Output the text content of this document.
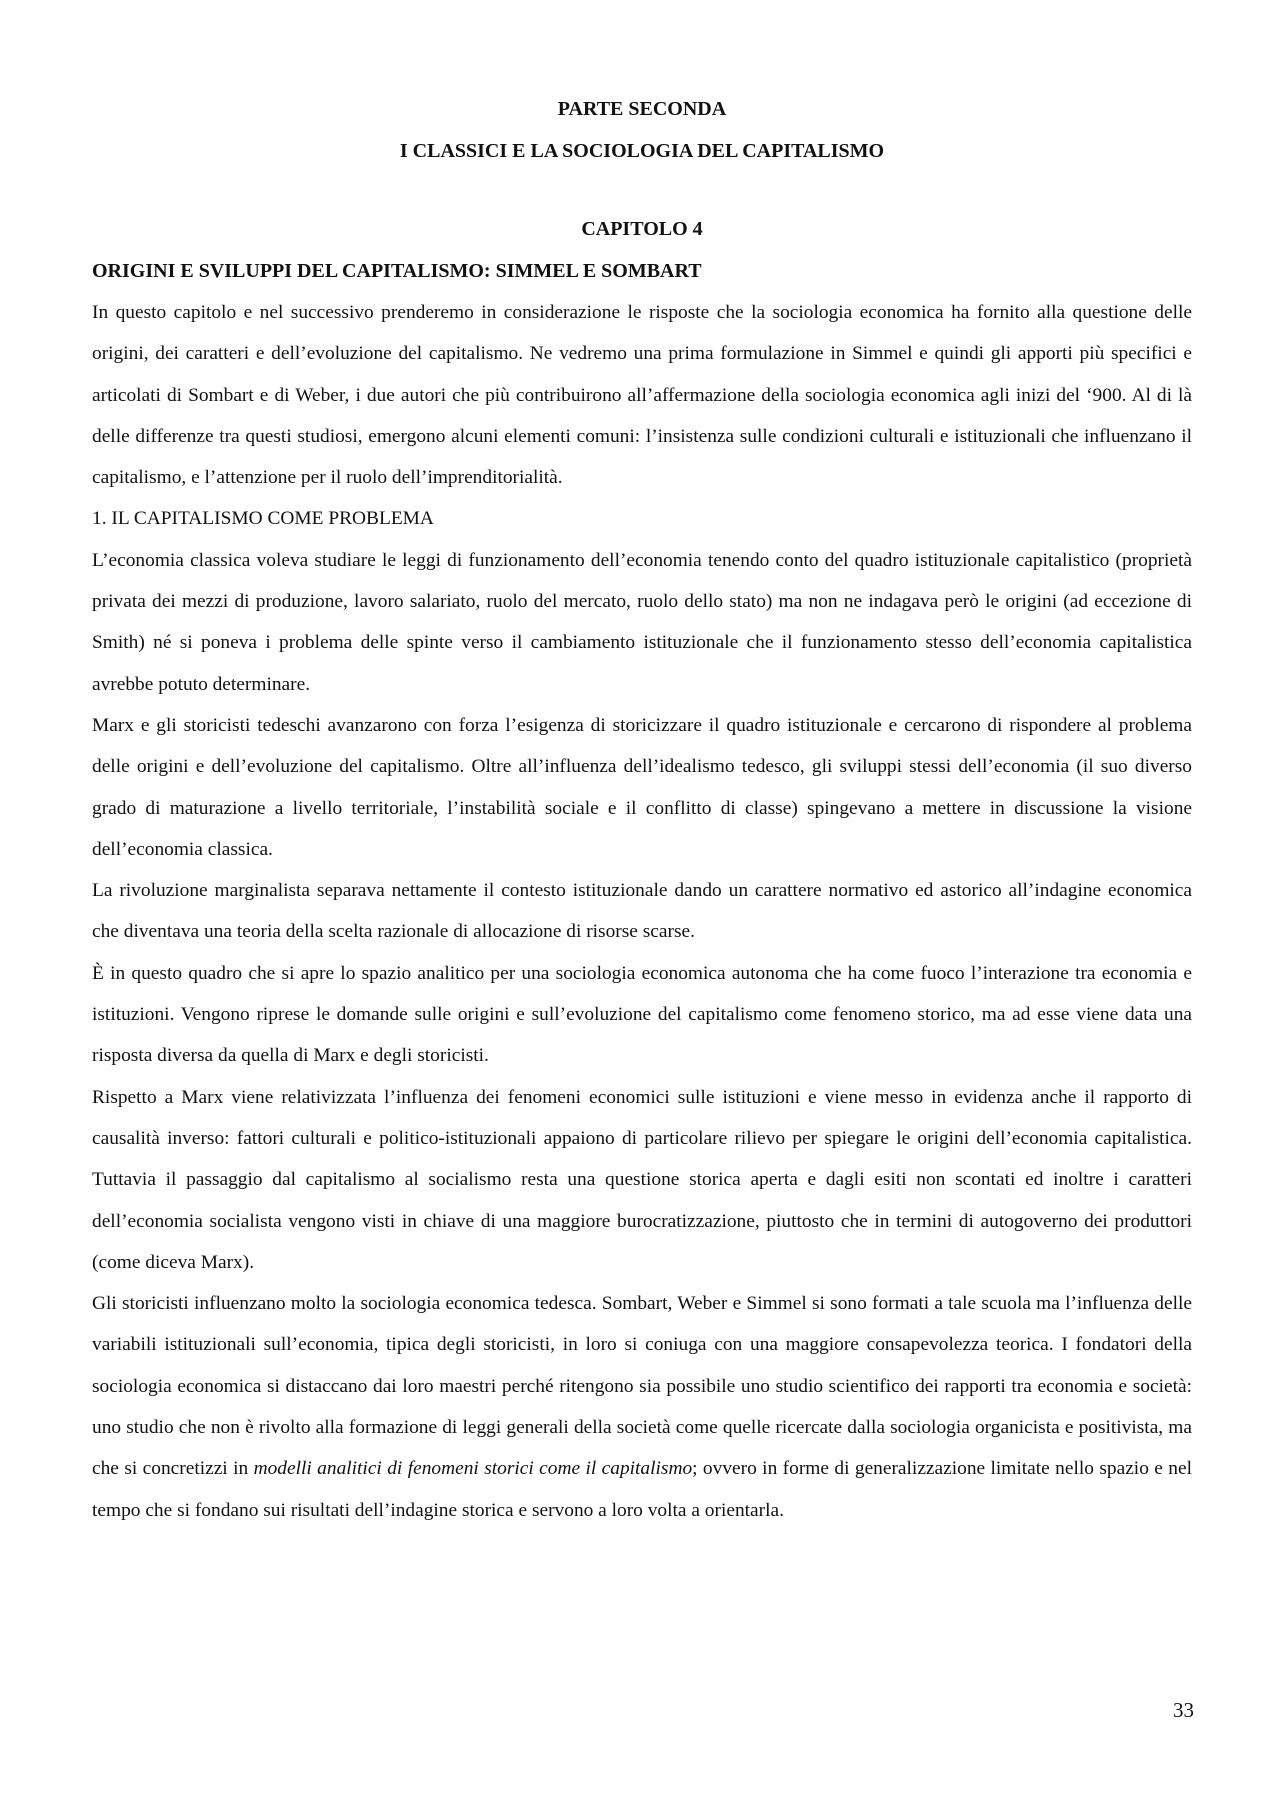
PARTE SECONDA
I CLASSICI E LA SOCIOLOGIA DEL CAPITALISMO
CAPITOLO 4
ORIGINI E SVILUPPI DEL CAPITALISMO: SIMMEL E SOMBART

In questo capitolo e nel successivo prenderemo in considerazione le risposte che la sociologia economica ha fornito alla questione delle origini, dei caratteri e dell’evoluzione del capitalismo. Ne vedremo una prima formulazione in Simmel e quindi gli apporti più specifici e articolati di Sombart e di Weber, i due autori che più contribuirono all’affermazione della sociologia economica agli inizi del ‘900. Al di là delle differenze tra questi studiosi, emergono alcuni elementi comuni: l’insistenza sulle condizioni culturali e istituzionali che influenzano il capitalismo, e l’attenzione per il ruolo dell’imprenditorialità.

1. IL CAPITALISMO COME PROBLEMA

L’economia classica voleva studiare le leggi di funzionamento dell’economia tenendo conto del quadro istituzionale capitalistico (proprietà privata dei mezzi di produzione, lavoro salariato, ruolo del mercato, ruolo dello stato) ma non ne indagava però le origini (ad eccezione di Smith) né si poneva i problema delle spinte verso il cambiamento istituzionale che il funzionamento stesso dell’economia capitalistica avrebbe potuto determinare.

Marx e gli storicisti tedeschi avanzarono con forza l’esigenza di storicizzare il quadro istituzionale e cercarono di rispondere al problema delle origini e dell’evoluzione del capitalismo. Oltre all’influenza dell’idealismo tedesco, gli sviluppi stessi dell’economia (il suo diverso grado di maturazione a livello territoriale, l’instabilità sociale e il conflitto di classe) spingevano a mettere in discussione la visione dell’economia classica.

La rivoluzione marginalista separava nettamente il contesto istituzionale dando un carattere normativo ed astorico all’indagine economica che diventava una teoria della scelta razionale di allocazione di risorse scarse.

È in questo quadro che si apre lo spazio analitico per una sociologia economica autonoma che ha come fuoco l’interazione tra economia e istituzioni. Vengono riprese le domande sulle origini e sull’evoluzione del capitalismo come fenomeno storico, ma ad esse viene data una risposta diversa da quella di Marx e degli storicisti.

Rispetto a Marx viene relativizzata l’influenza dei fenomeni economici sulle istituzioni e viene messo in evidenza anche il rapporto di causalità inverso: fattori culturali e politico-istituzionali appaiono di particolare rilievo per spiegare le origini dell’economia capitalistica. Tuttavia il passaggio dal capitalismo al socialismo resta una questione storica aperta e dagli esiti non scontati ed inoltre i caratteri dell’economia socialista vengono visti in chiave di una maggiore burocratizzazione, piuttosto che in termini di autogoverno dei produttori (come diceva Marx).

Gli storicisti influenzano molto la sociologia economica tedesca. Sombart, Weber e Simmel si sono formati a tale scuola ma l’influenza delle variabili istituzionali sull’economia, tipica degli storicisti, in loro si coniuga con una maggiore consapevolezza teorica. I fondatori della sociologia economica si distaccano dai loro maestri perché ritengono sia possibile uno studio scientifico dei rapporti tra economia e società: uno studio che non è rivolto alla formazione di leggi generali della società come quelle ricercate dalla sociologia organicista e positivista, ma che si concretizzi in modelli analitici di fenomeni storici come il capitalismo; ovvero in forme di generalizzazione limitate nello spazio e nel tempo che si fondano sui risultati dell’indagine storica e servono a loro volta a orientarla.

33
